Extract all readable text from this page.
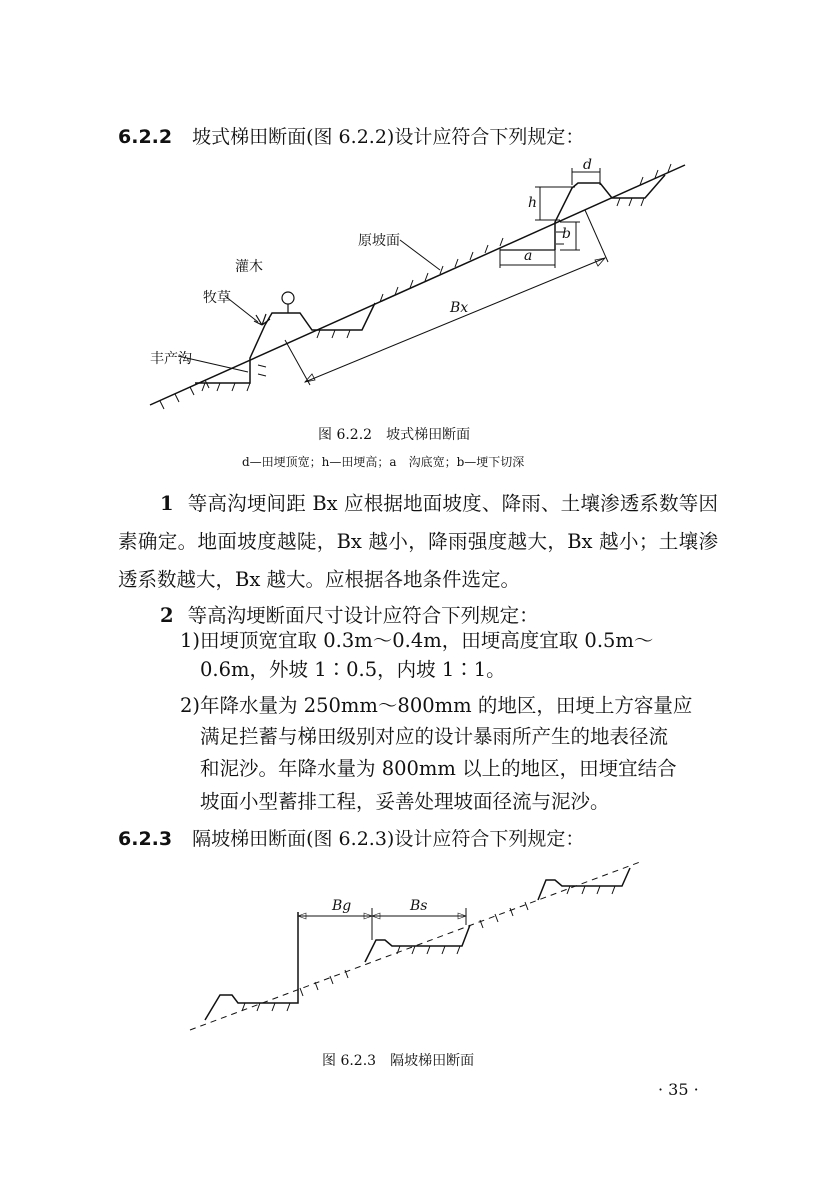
6.2.2 坡式梯田断面(图 6.2.2)设计应符合下列规定：
灌木
牧草
丰产沟
原坡面
d
h
b
a
Bx
图 6.2.2　坡式梯田断面
d—田埂顶宽；h—田埂高；a　沟底宽；b—埂下切深
1 等高沟埂间距 Bx 应根据地面坡度、降雨、土壤渗透系数等因素确定。地面坡度越陡，Bx 越小，降雨强度越大，Bx 越小；土壤渗透系数越大，Bx 越大。应根据各地条件选定。
2 等高沟埂断面尺寸设计应符合下列规定：
1)田埂顶宽宜取 0.3m～0.4m，田埂高度宜取 0.5m～
0.6m，外坡 1∶0.5，内坡 1∶1。
2)年降水量为 250mm～800mm 的地区，田埂上方容量应
满足拦蓄与梯田级别对应的设计暴雨所产生的地表径流
和泥沙。年降水量为 800mm 以上的地区，田埂宜结合
坡面小型蓄排工程，妥善处理坡面径流与泥沙。
6.2.3 隔坡梯田断面(图 6.2.3)设计应符合下列规定：
Bg	Bs
图 6.2.3　隔坡梯田断面
· 35 ·
